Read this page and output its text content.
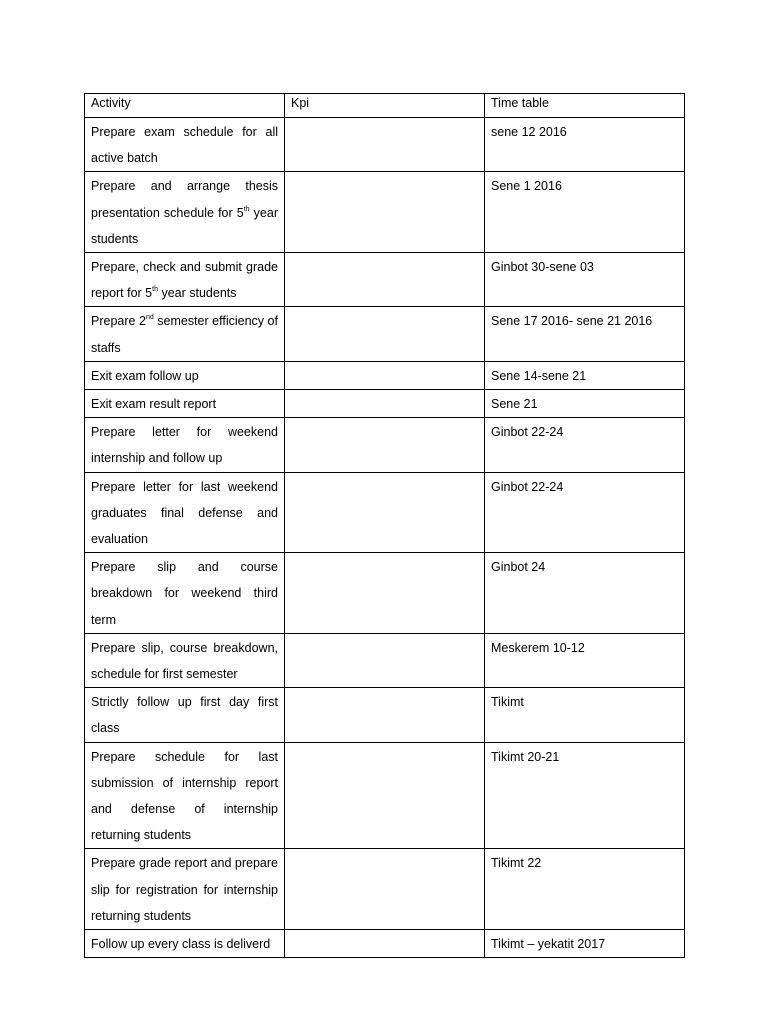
Activity	Kpi	Time table
Prepare exam schedule for all active batch		sene 12 2016
Prepare and arrange thesis presentation schedule for 5th year students		Sene 1 2016
Prepare, check and submit grade report for 5th year students		Ginbot 30-sene 03
Prepare 2nd semester efficiency of staffs		Sene 17 2016- sene 21 2016
Exit exam follow up		Sene 14-sene 21
Exit exam result report		Sene 21
Prepare letter for weekend internship and follow up		Ginbot 22-24
Prepare letter for last weekend graduates final defense and evaluation		Ginbot 22-24
Prepare slip and course breakdown for weekend third term		Ginbot 24
Prepare slip, course breakdown, schedule for first semester		Meskerem 10-12
Strictly follow up first day first class		Tikimt
Prepare schedule for last submission of internship report and defense of internship returning students		Tikimt 20-21
Prepare grade report and prepare slip for registration for internship returning students		Tikimt 22
Follow up every class is deliverd		Tikimt – yekatit 2017
